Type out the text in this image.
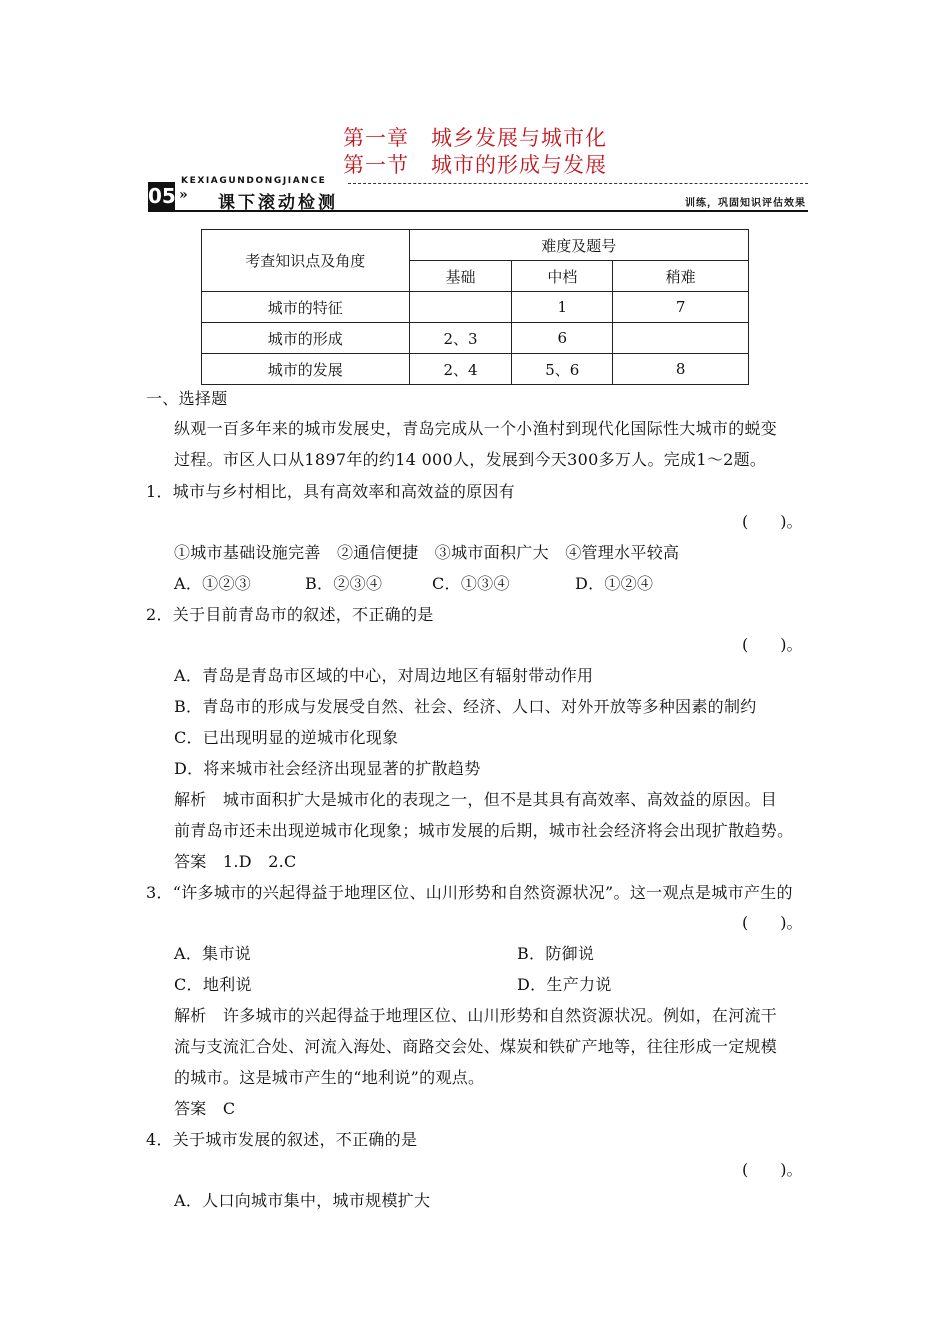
第一章　城乡发展与城市化
第一节　城市的形成与发展
05
KEXIAGUNDONGJIANCE
» 课下滚动检测	训练，巩固知识评估效果
考查知识点及角度	难度及题号		
	基础	中档	稍难
城市的特征		1	7
城市的形成	2、3	6	
城市的发展	2、4	5、6	8
一、选择题
纵观一百多年来的城市发展史，青岛完成从一个小渔村到现代化国际性大城市的蜕变
过程。市区人口从1897年的约14 000人，发展到今天300多万人。完成1～2题。
1．城市与乡村相比，具有高效率和高效益的原因有
(　　)。
①城市基础设施完善　②通信便捷　③城市面积广大　④管理水平较高
A．①②③	B．②③④	C．①③④	D．①②④
2．关于目前青岛市的叙述，不正确的是
(　　)。
A．青岛是青岛市区域的中心，对周边地区有辐射带动作用
B．青岛市的形成与发展受自然、社会、经济、人口、对外开放等多种因素的制约
C．已出现明显的逆城市化现象
D．将来城市社会经济出现显著的扩散趋势
解析　城市面积扩大是城市化的表现之一，但不是其具有高效率、高效益的原因。目
前青岛市还未出现逆城市化现象；城市发展的后期，城市社会经济将会出现扩散趋势。
答案　1.D　2.C
3．“许多城市的兴起得益于地理区位、山川形势和自然资源状况”。这一观点是城市产生的
(　　)。
A．集市说	B．防御说
C．地利说	D．生产力说
解析　许多城市的兴起得益于地理区位、山川形势和自然资源状况。例如，在河流干
流与支流汇合处、河流入海处、商路交会处、煤炭和铁矿产地等，往往形成一定规模
的城市。这是城市产生的“地利说”的观点。
答案　C
4．关于城市发展的叙述，不正确的是
(　　)。
A．人口向城市集中，城市规模扩大
